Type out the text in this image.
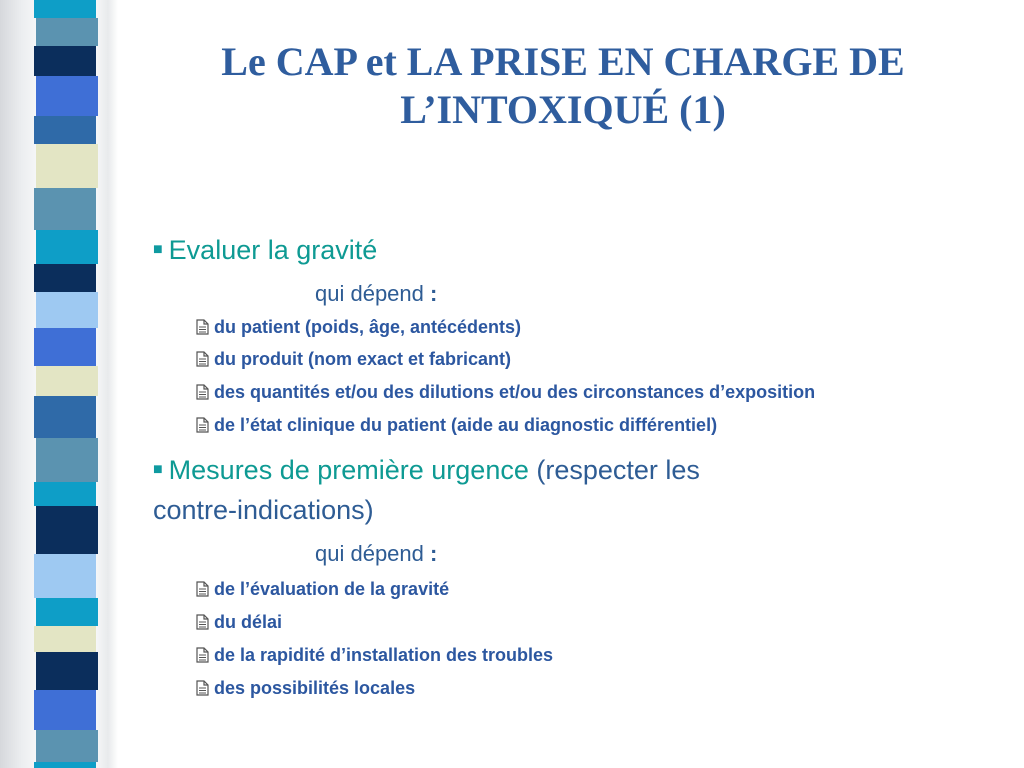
Le CAP et LA PRISE EN CHARGE DE L’INTOXIQUÉ (1)
■ Evaluer la gravité
qui dépend :
du patient (poids, âge, antécédents)
du produit (nom exact et fabricant)
des quantités et/ou des dilutions et/ou des circonstances d’exposition
de l’état clinique du patient (aide au diagnostic différentiel)
■ Mesures de première urgence (respecter les
contre-indications)
qui dépend :
de l’évaluation de la gravité
du délai
de la rapidité d’installation des troubles
des possibilités locales
